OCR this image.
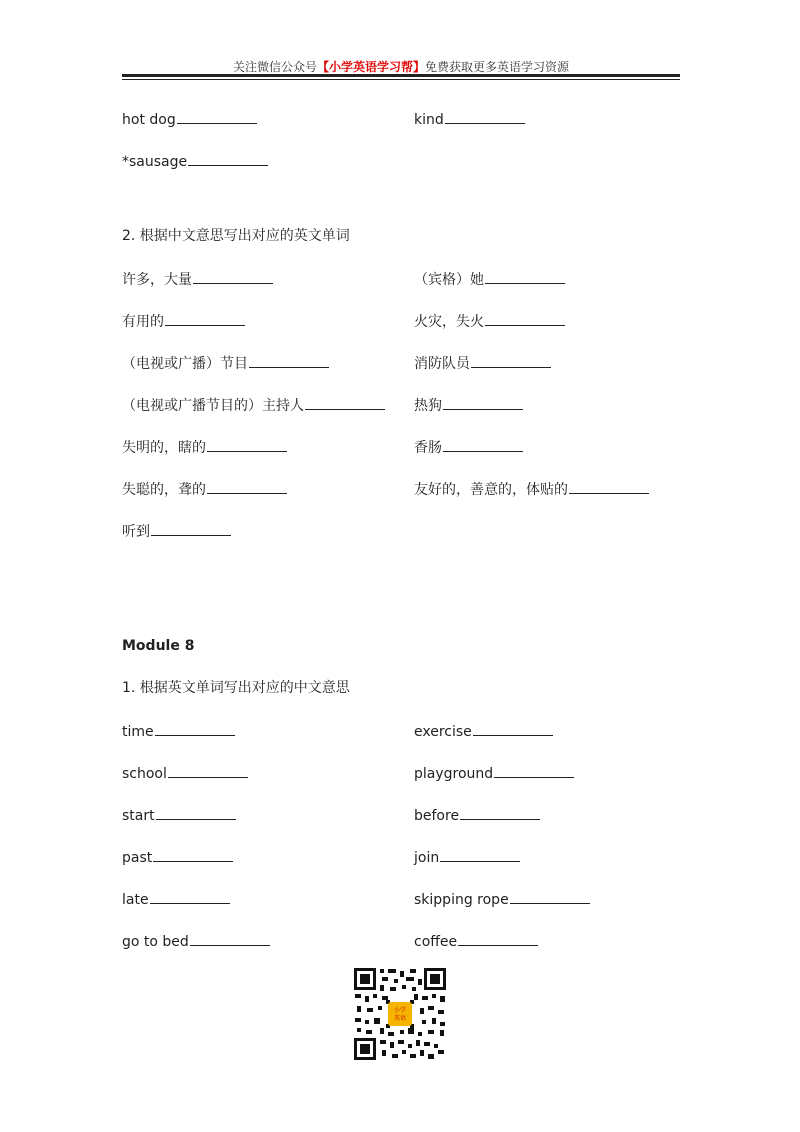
关注微信公众号【小学英语学习帮】免费获取更多英语学习资源
hot dog	kind
*sausage
2. 根据中文意思写出对应的英文单词
许多，大量	（宾格）她
有用的	火灾，失火
（电视或广播）节目	消防队员
（电视或广播节目的）主持人	热狗
失明的，瞎的	香肠
失聪的，聋的	友好的，善意的，体贴的
听到
Module 8
1. 根据英文单词写出对应的中文意思
time	exercise
school	playground
start	before
past	join
late	skipping rope
go to bed	coffee
小学
英语
